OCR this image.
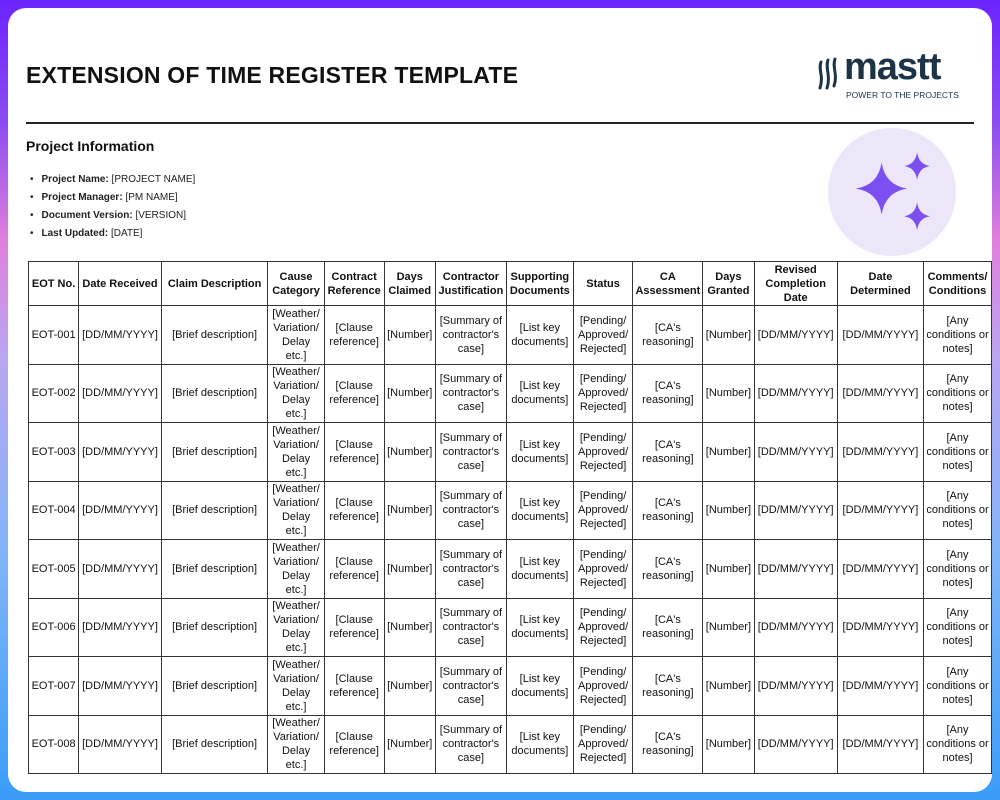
EXTENSION OF TIME REGISTER TEMPLATE	mastt
POWER TO THE PROJECTS
Project Information
• Project Name: [PROJECT NAME]
• Project Manager: [PM NAME]
• Document Version: [VERSION]
• Last Updated: [DATE]
EOT No.	Date Received	Claim Description	Cause Category	Contract Reference	Days Claimed	Contractor Justification	Supporting Documents	Status	CA Assessment	Days Granted	Revised Completion Date	Date Determined	Comments/ Conditions
EOT-001	[DD/MM/YYYY]	[Brief description]	[Weather/ Variation/ Delay etc.]	[Clause reference]	[Number]	[Summary of contractor's case]	[List key documents]	[Pending/ Approved/ Rejected]	[CA's reasoning]	[Number]	[DD/MM/YYYY]	[DD/MM/YYYY]	[Any conditions or notes]
EOT-002	[DD/MM/YYYY]	[Brief description]	[Weather/ Variation/ Delay etc.]	[Clause reference]	[Number]	[Summary of contractor's case]	[List key documents]	[Pending/ Approved/ Rejected]	[CA's reasoning]	[Number]	[DD/MM/YYYY]	[DD/MM/YYYY]	[Any conditions or notes]
EOT-003	[DD/MM/YYYY]	[Brief description]	[Weather/ Variation/ Delay etc.]	[Clause reference]	[Number]	[Summary of contractor's case]	[List key documents]	[Pending/ Approved/ Rejected]	[CA's reasoning]	[Number]	[DD/MM/YYYY]	[DD/MM/YYYY]	[Any conditions or notes]
EOT-004	[DD/MM/YYYY]	[Brief description]	[Weather/ Variation/ Delay etc.]	[Clause reference]	[Number]	[Summary of contractor's case]	[List key documents]	[Pending/ Approved/ Rejected]	[CA's reasoning]	[Number]	[DD/MM/YYYY]	[DD/MM/YYYY]	[Any conditions or notes]
EOT-005	[DD/MM/YYYY]	[Brief description]	[Weather/ Variation/ Delay etc.]	[Clause reference]	[Number]	[Summary of contractor's case]	[List key documents]	[Pending/ Approved/ Rejected]	[CA's reasoning]	[Number]	[DD/MM/YYYY]	[DD/MM/YYYY]	[Any conditions or notes]
EOT-006	[DD/MM/YYYY]	[Brief description]	[Weather/ Variation/ Delay etc.]	[Clause reference]	[Number]	[Summary of contractor's case]	[List key documents]	[Pending/ Approved/ Rejected]	[CA's reasoning]	[Number]	[DD/MM/YYYY]	[DD/MM/YYYY]	[Any conditions or notes]
EOT-007	[DD/MM/YYYY]	[Brief description]	[Weather/ Variation/ Delay etc.]	[Clause reference]	[Number]	[Summary of contractor's case]	[List key documents]	[Pending/ Approved/ Rejected]	[CA's reasoning]	[Number]	[DD/MM/YYYY]	[DD/MM/YYYY]	[Any conditions or notes]
EOT-008	[DD/MM/YYYY]	[Brief description]	[Weather/ Variation/ Delay etc.]	[Clause reference]	[Number]	[Summary of contractor's case]	[List key documents]	[Pending/ Approved/ Rejected]	[CA's reasoning]	[Number]	[DD/MM/YYYY]	[DD/MM/YYYY]	[Any conditions or notes]
